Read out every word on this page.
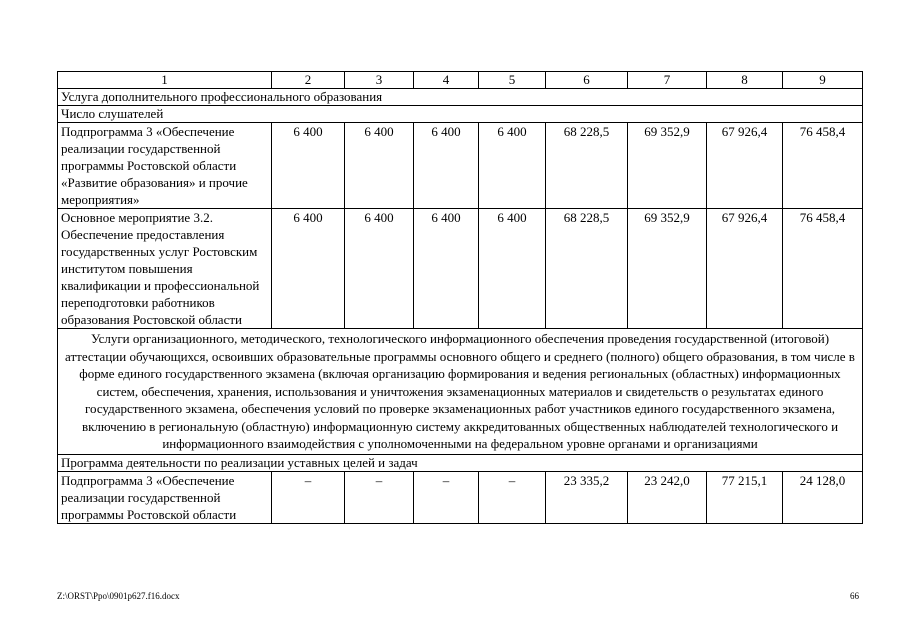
1	2	3	4	5	6	7	8	9
Услуга дополнительного профессионального образования								
Число слушателей								
Подпрограмма 3 «Обеспечение реализации государственной программы Ростовской области «Развитие образования» и прочие мероприятия»	6 400	6 400	6 400	6 400	68 228,5	69 352,9	67 926,4	76 458,4
Основное мероприятие 3.2. Обеспечение предоставления государственных услуг Ростовским институтом повышения квалификации и профессиональной переподготовки работников образования Ростовской области	6 400	6 400	6 400	6 400	68 228,5	69 352,9	67 926,4	76 458,4
Услуги организационного, методического, технологического информационного обеспечения проведения государственной (итоговой) аттестации обучающихся, освоивших образовательные программы основного общего и среднего (полного) общего образования, в том числе в форме единого государственного экзамена (включая организацию формирования и ведения региональных (областных) информационных систем, обеспечения, хранения, использования и уничтожения экзаменационных материалов и свидетельств о результатах единого государственного экзамена, обеспечения условий по проверке экзаменационных работ участников единого государственного экзамена, включению в региональную (областную) информационную систему аккредитованных общественных наблюдателей технологического и информационного взаимодействия с уполномоченными на федеральном уровне органами и организациями								
Программа деятельности по реализации уставных целей и задач								
Подпрограмма 3 «Обеспечение реализации государственной программы Ростовской области	–	–	–	–	23 335,2	23 242,0	77 215,1	24 128,0
Z:\ORST\Ppo\0901p627.f16.docx	66
